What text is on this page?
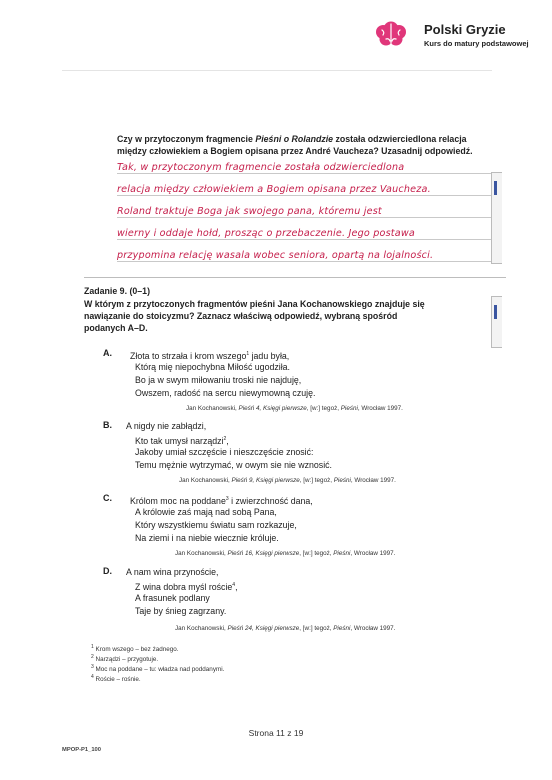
Polski Gryzie
Kurs do matury podstawowej
Czy w przytoczonym fragmencie Pieśni o Rolandzie została odzwierciedlona relacja
między człowiekiem a Bogiem opisana przez André Vaucheza? Uzasadnij odpowiedź.
Tak, w przytoczonym fragmencie została odzwierciedlona
relacja między człowiekiem a Bogiem opisana przez Vaucheza.
Roland traktuje Boga jak swojego pana, któremu jest
wierny i oddaje hołd, prosząc o przebaczenie. Jego postawa
przypomina relację wasala wobec seniora, opartą na lojalności.
Zadanie 9. (0–1)
W którym z przytoczonych fragmentów pieśni Jana Kochanowskiego znajduje się
nawiązanie do stoicyzmu? Zaznacz właściwą odpowiedź, wybraną spośród
podanych A–D.
A. Złota to strzała i krom wszego$^1$ jadu była,
Którą mię niepochybna Miłość ugodziła.
Bo ja w swym miłowaniu troski nie najduję,
Owszem, radość na sercu niewymowną czuję.
Jan Kochanowski, Pieśń 4, Księgi pierwsze, [w:] tegoż, Pieśni, Wrocław 1997.
B. A nigdy nie zabłądzi,
Kto tak umysł narządzi$^2$,
Jakoby umiał szczęście i nieszczęście znosić:
Temu mężnie wytrzymać, w owym sie nie wznosić.
Jan Kochanowski, Pieśń 9, Księgi pierwsze, [w:] tegoż, Pieśni, Wrocław 1997.
C. Królom moc na poddane$^3$ i zwierzchność dana,
A królowie zaś mają nad sobą Pana,
Który wszystkiemu światu sam rozkazuje,
Na ziemi i na niebie wiecznie króluje.
Jan Kochanowski, Pieśń 16, Księgi pierwsze, [w:] tegoż, Pieśni, Wrocław 1997.
D. A nam wina przynoście,
Z wina dobra myśl roście$^4$,
A frasunek podlany
Taje by śnieg zagrzany.
Jan Kochanowski, Pieśń 24, Księgi pierwsze, [w:] tegoż, Pieśni, Wrocław 1997.
$^1$ Krom wszego – bez żadnego.
$^2$ Narządzi – przygotuje.
$^3$ Moc na poddane – tu: władza nad poddanymi.
$^4$ Roście – rośnie.
Strona 11 z 19
MPOP-P1_100
